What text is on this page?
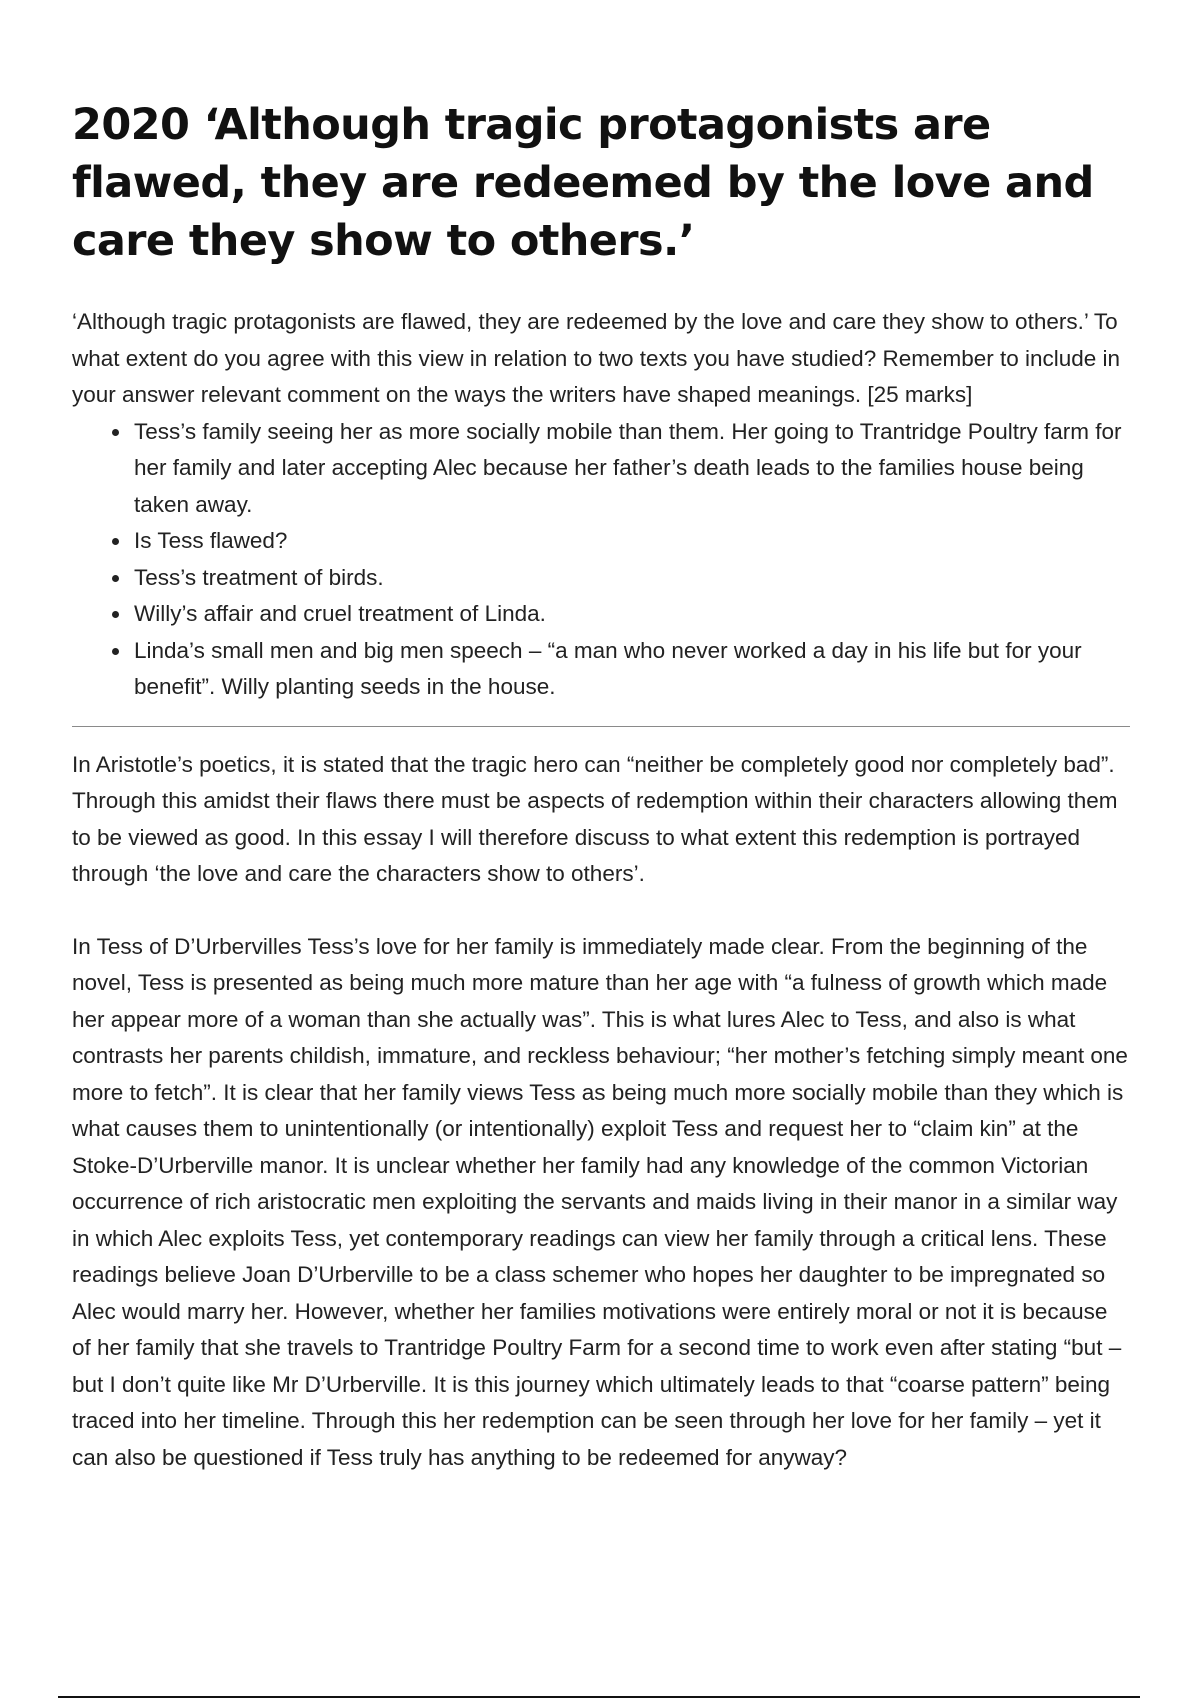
2020 ‘Although tragic protagonists are flawed, they are redeemed by the love and care they show to others.’

‘Although tragic protagonists are flawed, they are redeemed by the love and care they show to others.’ To what extent do you agree with this view in relation to two texts you have studied? Remember to include in your answer relevant comment on the ways the writers have shaped meanings. [25 marks]

• Tess’s family seeing her as more socially mobile than them. Her going to Trantridge Poultry farm for her family and later accepting Alec because her father’s death leads to the families house being taken away.
• Is Tess flawed?
• Tess’s treatment of birds.
• Willy’s affair and cruel treatment of Linda.
• Linda’s small men and big men speech – “a man who never worked a day in his life but for your benefit”. Willy planting seeds in the house.

In Aristotle’s poetics, it is stated that the tragic hero can “neither be completely good nor completely bad”. Through this amidst their flaws there must be aspects of redemption within their characters allowing them to be viewed as good. In this essay I will therefore discuss to what extent this redemption is portrayed through ‘the love and care the characters show to others’.

In Tess of D’Urbervilles Tess’s love for her family is immediately made clear. From the beginning of the novel, Tess is presented as being much more mature than her age with “a fulness of growth which made her appear more of a woman than she actually was”. This is what lures Alec to Tess, and also is what contrasts her parents childish, immature, and reckless behaviour; “her mother’s fetching simply meant one more to fetch”. It is clear that her family views Tess as being much more socially mobile than they which is what causes them to unintentionally (or intentionally) exploit Tess and request her to “claim kin” at the Stoke-D’Urberville manor. It is unclear whether her family had any knowledge of the common Victorian occurrence of rich aristocratic men exploiting the servants and maids living in their manor in a similar way in which Alec exploits Tess, yet contemporary readings can view her family through a critical lens. These readings believe Joan D’Urberville to be a class schemer who hopes her daughter to be impregnated so Alec would marry her. However, whether her families motivations were entirely moral or not it is because of her family that she travels to Trantridge Poultry Farm for a second time to work even after stating “but – but I don’t quite like Mr D’Urberville. It is this journey which ultimately leads to that “coarse pattern” being traced into her timeline. Through this her redemption can be seen through her love for her family – yet it can also be questioned if Tess truly has anything to be redeemed for anyway?
